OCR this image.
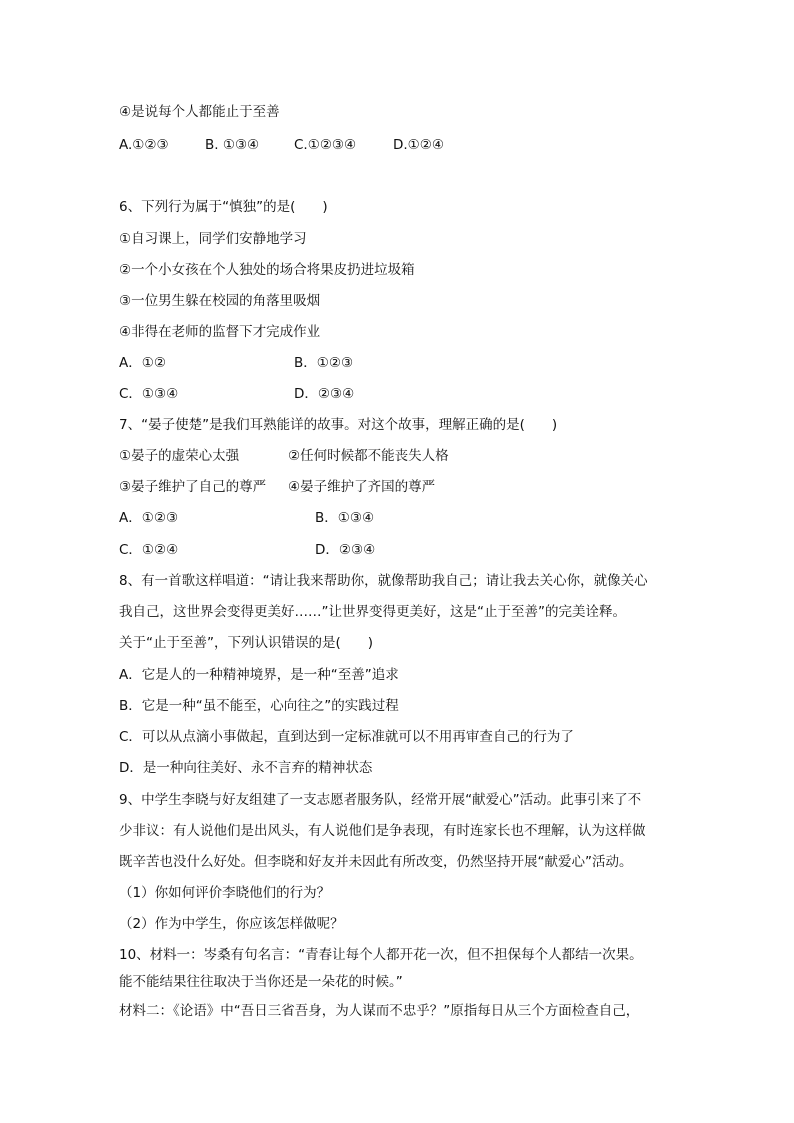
④是说每个人都能止于至善
A.①②③	B. ①③④	C.①②③④	D.①②④
6、下列行为属于“慎独”的是(　　)
①自习课上，同学们安静地学习
②一个小女孩在个人独处的场合将果皮扔进垃圾箱
③一位男生躲在校园的角落里吸烟
④非得在老师的监督下才完成作业
A．①②	B．①②③
C．①③④	D．②③④
7、“晏子使楚”是我们耳熟能详的故事。对这个故事，理解正确的是(　　)
①晏子的虚荣心太强	②任何时候都不能丧失人格
③晏子维护了自己的尊严 ④晏子维护了齐国的尊严
A．①②③	B．①③④
C．①②④	D．②③④
8、有一首歌这样唱道：“请让我来帮助你，就像帮助我自己；请让我去关心你，就像关心
我自己，这世界会变得更美好……”让世界变得更美好，这是“止于至善”的完美诠释。
关于“止于至善”，下列认识错误的是(　　)
A．它是人的一种精神境界，是一种“至善”追求
B．它是一种“虽不能至，心向往之”的实践过程
C．可以从点滴小事做起，直到达到一定标准就可以不用再审查自己的行为了
D．是一种向往美好、永不言弃的精神状态
9、中学生李晓与好友组建了一支志愿者服务队，经常开展“献爱心”活动。此事引来了不
少非议：有人说他们是出风头，有人说他们是争表现，有时连家长也不理解，认为这样做
既辛苦也没什么好处。但李晓和好友并未因此有所改变，仍然坚持开展“献爱心”活动。
（1）你如何评价李晓他们的行为？
（2）作为中学生，你应该怎样做呢？
10、材料一：岑桑有句名言：“青春让每个人都开花一次，但不担保每个人都结一次果。
能不能结果往往取决于当你还是一朵花的时候。”
材料二：《论语》中“吾日三省吾身，为人谋而不忠乎？”原指每日从三个方面检查自己，
